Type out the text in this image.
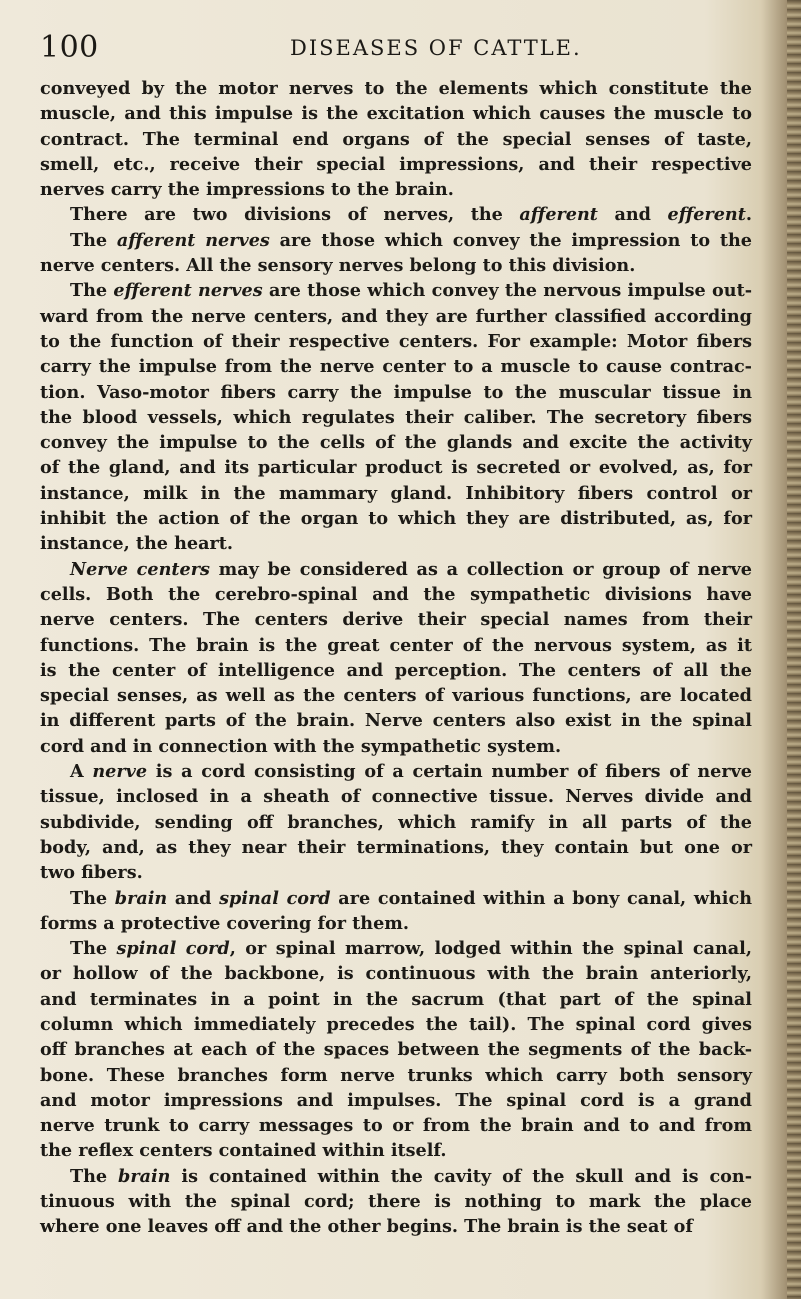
100	DISEASES OF CATTLE.
conveyed by the motor nerves to the elements which constitute the
muscle, and this impulse is the excitation which causes the muscle to
contract. The terminal end organs of the special senses of taste,
smell, etc., receive their special impressions, and their respective
nerves carry the impressions to the brain.
There are two divisions of nerves, the afferent and efferent.
The afferent nerves are those which convey the impression to the
nerve centers. All the sensory nerves belong to this division.
The efferent nerves are those which convey the nervous impulse out-
ward from the nerve centers, and they are further classified according
to the function of their respective centers. For example: Motor fibers
carry the impulse from the nerve center to a muscle to cause contrac-
tion. Vaso-motor fibers carry the impulse to the muscular tissue in
the blood vessels, which regulates their caliber. The secretory fibers
convey the impulse to the cells of the glands and excite the activity
of the gland, and its particular product is secreted or evolved, as, for
instance, milk in the mammary gland. Inhibitory fibers control or
inhibit the action of the organ to which they are distributed, as, for
instance, the heart.
Nerve centers may be considered as a collection or group of nerve
cells. Both the cerebro-spinal and the sympathetic divisions have
nerve centers. The centers derive their special names from their
functions. The brain is the great center of the nervous system, as it
is the center of intelligence and perception. The centers of all the
special senses, as well as the centers of various functions, are located
in different parts of the brain. Nerve centers also exist in the spinal
cord and in connection with the sympathetic system.
A nerve is a cord consisting of a certain number of fibers of nerve
tissue, inclosed in a sheath of connective tissue. Nerves divide and
subdivide, sending off branches, which ramify in all parts of the
body, and, as they near their terminations, they contain but one or
two fibers.
The brain and spinal cord are contained within a bony canal, which
forms a protective covering for them.
The spinal cord, or spinal marrow, lodged within the spinal canal,
or hollow of the backbone, is continuous with the brain anteriorly,
and terminates in a point in the sacrum (that part of the spinal
column which immediately precedes the tail). The spinal cord gives
off branches at each of the spaces between the segments of the back-
bone. These branches form nerve trunks which carry both sensory
and motor impressions and impulses. The spinal cord is a grand
nerve trunk to carry messages to or from the brain and to and from
the reflex centers contained within itself.
The brain is contained within the cavity of the skull and is con-
tinuous with the spinal cord; there is nothing to mark the place
where one leaves off and the other begins. The brain is the seat of
